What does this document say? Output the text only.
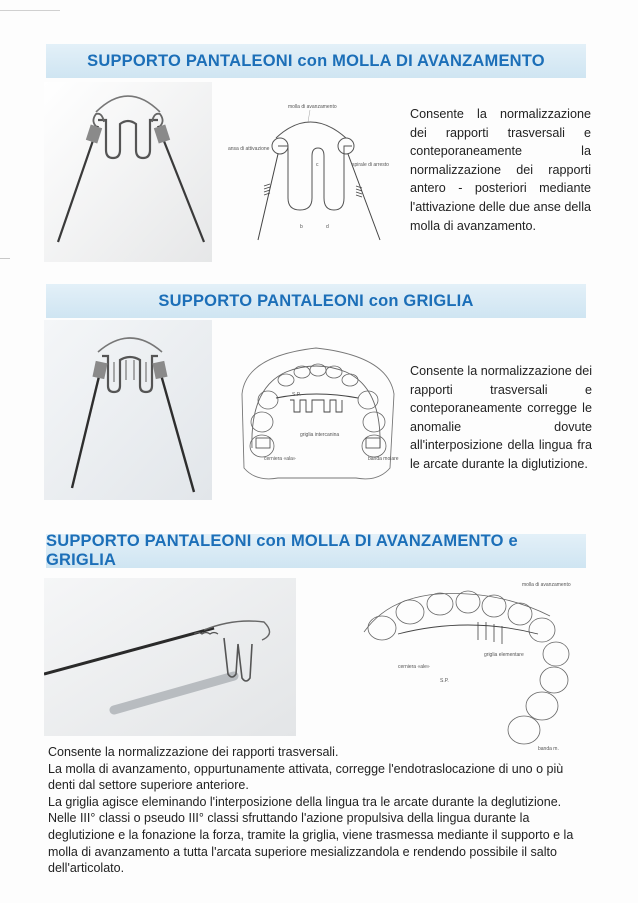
SUPPORTO PANTALEONI con MOLLA DI AVANZAMENTO
molla di avanzamento
ansa di attivazione
spirale di arresto
b	d
c
Consente la normalizzazione dei rapporti trasversali e conteporaneamente la normalizzazione dei rapporti antero - posteriori mediante l'attivazione delle due anse della molla di avanzamento.
SUPPORTO PANTALEONI con GRIGLIA
S.P.
griglia intercanina
cerniera «ala»	banda molare
Consente la normalizzazione dei rapporti trasversali e conteporaneamente corregge le anomalie dovute all'interposizione della lingua fra le arcate durante la diglutizione.
SUPPORTO PANTALEONI con MOLLA DI AVANZAMENTO e GRIGLIA
molla di avanzamento
griglia elementare
cerniera «ale»
S.P.
banda m.

Consente la normalizzazione dei rapporti trasversali.

La molla di avanzamento, oppurtunamente attivata, corregge l'endotraslocazione di uno o più denti dal settore superiore anteriore.

La griglia agisce eleminando l'interposizione della lingua tra le arcate durante la deglutizione.

Nelle III° classi o pseudo III° classi sfruttando l'azione propulsiva della lingua durante la deglutizione e la fonazione la forza, tramite la griglia, viene trasmessa mediante il supporto e la molla di avanzamento a tutta l'arcata superiore mesializzandola e rendendo possibile il salto dell'articolato.
